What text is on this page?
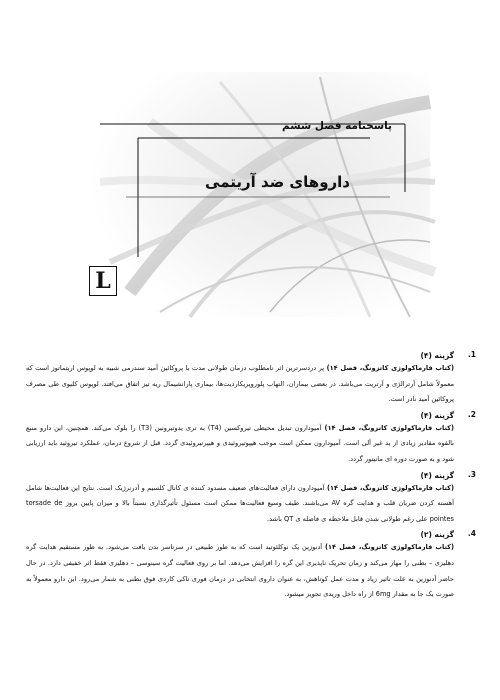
پاسخنامه فصل ششم
داروهای ضد آریتمی
L
.1
گزینه (۴)
(کتاب فارماکولوژی کاتزونگ، فصل ۱۴) پر دردسرترین اثر نامطلوب درمان طولانی مدت با پروکائین آمید سندرمی شبیه به لوپوس اریتماتوز است که معمولاً شامل آرترالژی و آرتریت می‌باشد. در بعضی بیماران، التهاب پلوروپریکاردیت‌ها، بیماری پارانشیمال ریه تیز اتفاق می‌افتد. لوپوس کلیوی طی مصرف پروکائین آمید نادر است.
.2
گزینه (۴)
(کتاب فارماکولوژی کاتزونگ، فصل ۱۴) آمیودارون تبدیل محیطی تیروکسین (T4) به تری یدوتیرونین (T3) را بلوک می‌کند. همچنین، این دارو منبع بالقوه مقادیر زیادی از ید غیر آلی است. آمیودارون ممکن است موجب هیپوتیروئیدی و هیپرتیروئیدی گردد. قبل از شروع درمان، عملکرد تیروئید باید ارزیابی شود و به صورت دوره ای مانیتور گردد.
.3
گزینه (۴)
(کتاب فارماکولوژی کاتزونگ، فصل ۱۴) آمیودارون دارای فعالیت‌های ضعیف مسدود کننده ی کانال کلسیم و آدرنرژیک است. نتایج این فعالیت‌ها شامل آهسته کردن ضربان قلب و هدایت گره AV می‌باشند. طیف وسیع فعالیت‌ها ممکن است مسئول تأثیرگذاری نسبتاً بالا و میزان پایین بروز torsade de pointes علی رغم طولانی شدن قابل ملاحظه ی فاصله ی QT باشد.
.4
گزینه (۲)
(کتاب فارماکولوژی کاتزونگ، فصل ۱۴) آدنوزین یک نوکلئوتید است که به طور طبیعی در سرتاسر بدن یافت می‌شود. به طور مستقیم هدایت گره دهلیزی – بطنی را مهار می‌کند و زمان تحریک ناپذیری این گره را افزایش می‌دهد. اما بر روی فعالیت گره سینوسی – دهلیزی فقط اثر خفیفی دارد. در حال حاضر آدنوزین به علت تاثیر زیاد و مدت عمل کوتاهش، به عنوان داروی انتخابی در درمان فوری تاکی کاردی فوق بطنی به شمار می‌رود. این دارو معمولاً به صورت یک جا به مقدار 6mg از راه داخل وریدی تجویز میشود.
